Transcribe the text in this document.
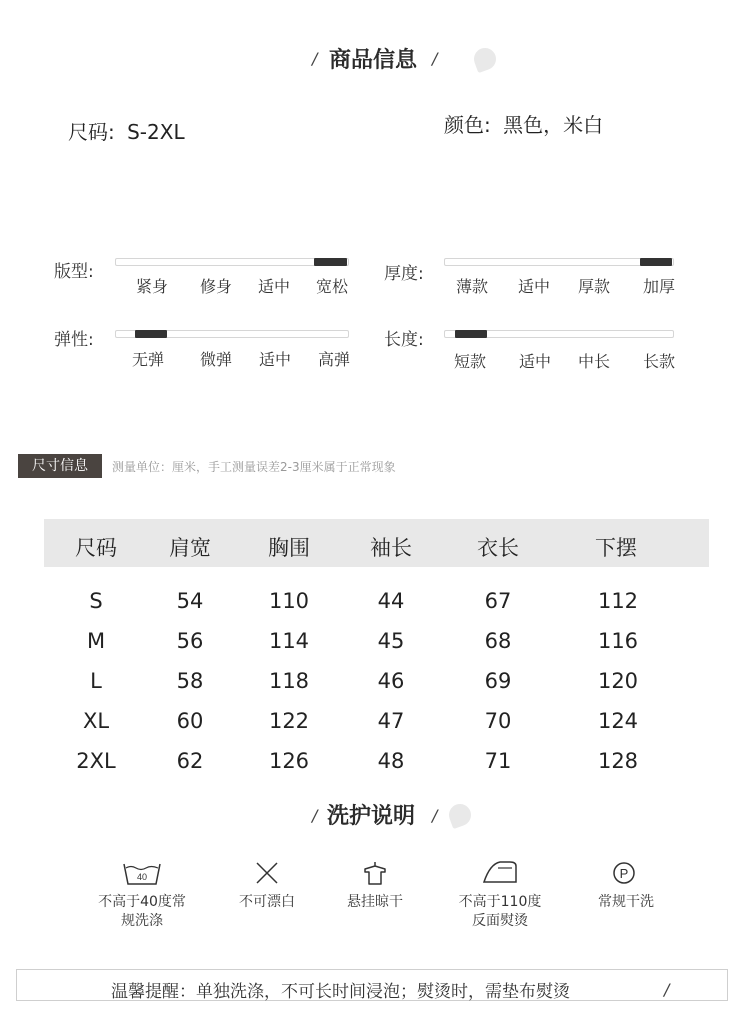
/ 商品信息 /
尺码: S-2XL	颜色: 黑色，米白
版型:
紧身 修身 适中 宽松
厚度:
薄款 适中 厚款 加厚
弹性:
无弹 微弹 适中 高弹
长度:
短款 适中 中长 长款
尺寸信息	测量单位：厘米，手工测量误差2-3厘米属于正常现象
尺码 肩宽	胸围	袖长	衣长	下摆
S	54	110	44	67	112
M	56	114	45	68	116
L	58	118	46	69	120
XL	60	122	47	70	124
2XL	62	126	48	71	128
/ 洗护说明 /
40	P
不高于40度常
规洗涤
不可漂白	悬挂晾干	不高于110度
反面熨烫
常规干洗
温馨提醒：单独洗涤，不可长时间浸泡；熨烫时，需垫布熨烫	/
